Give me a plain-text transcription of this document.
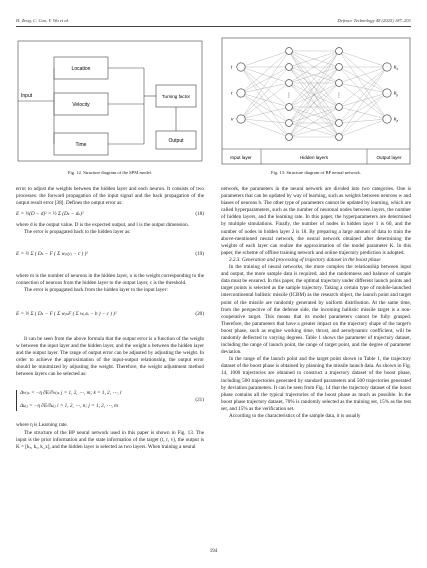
H. Zeng, C. Cao, Y. Wu et al.	Defence Technology 48 (2025) 187–201
Input
Location
Velocity
Time
Turning factor
Output
Fig. 12. Structure diagram of the SPM model.
t
r
v
⋮	⋮
$k_x$
$k_y$
$k_z$
Input layer	Hidden layers	Output layer
Fig. 13. Structure diagram of BP neural network.

error to adjust the weights between the hidden layer and each neuron. It consists of two processes: the forward propagation of the input signal and the back propagation of the output result error [38]. Defines the output error as:

E = ½(D − d)² = ½ Σ (Dₖ − dₖ)²	(18)

where d is the output value. D is the expected output, and l is the output dimension.

The error is propagated back to the hidden layer as:

E = ½ Σ ( Dₖ − F ( Σ wⱼₖyⱼ − c ) )²	(19)

where m is the number of neurons in the hidden layer, u is the weight corresponding to the connection of neurons from the hidden layer to the output layer, c is the threshold.

The error is propagated back from the hidden layer to the input layer:

E = ½ Σ ( Dₖ − F ( Σ wⱼₖF ( Σ wᵢⱼxᵢ − b ) − c ) )²	(20)

It can be seen from the above formula that the output error is a function of the weight w between the input layer and the hidden layer, and the weight u between the hidden layer and the output layer. The range of output error can be adjusted by adjusting the weight. In order to achieve the approximation of the input-output relationship, the output error should be minimized by adjusting the weight. Therefore, the weight adjustment method between layers can be selected as:

Δwⱼₖ = −η ∂E/∂wⱼₖ j = 1, 2, ⋯, m; k = 1, 2, ⋯, l
Δuᵢⱼ = −η ∂E/∂uᵢⱼ i = 1, 2, ⋯, n; j = 1, 2, ⋯, m
(21)

where η is Learning rate.

The structure of the BP neural network used in this paper is shown in Fig. 13. The input is the prior information and the state information of the target (t, r, v), the output is K = [kₓ, kᵧ, k_z], and the hidden layer is selected as two layers. When training a neural

network, the parameters in the neural network are divided into two categories. One is parameters that can be updated by way of learning, such as weights between neurons w and biases of neurons b. The other type of parameters cannot be updated by learning, which are called hyperparameters, such as the number of neuronal nodes between layers, the number of hidden layers, and the learning rate. In this paper, the hyperparameters are determined by multiple simulations. Finally, the number of nodes in hidden layer 1 is 60, and the number of nodes in hidden layer 2 is 18. By preparing a large amount of data to train the above-mentioned neural network, the neural network obtained after determining the weights of each layer can realize the approximation of the model parameter K. In this paper, the scheme of offline training network and online trajectory prediction is adopted.

3.2.3. Generation and processing of trajectory dataset in the boost phase

In the training of neural networks, the more complex the relationship between input and output, the more sample data is required, and the randomness and balance of sample data must be ensured. In this paper, the optimal trajectory under different launch points and target points is selected as the sample trajectory. Taking a certain type of mobile-launched intercontinental ballistic missile (ICBM) as the research object, the launch point and target point of the missile are randomly generated by uniform distribution. At the same time, from the perspective of the defense side, the incoming ballistic missile target is a non-cooperative target. This means that its model parameters cannot be fully grasped. Therefore, the parameters that have a greater impact on the trajectory shape of the target's boost phase, such as engine working time, thrust, and aerodynamic coefficient, will be randomly deflected to varying degrees. Table 1 shows the parameter of trajectory dataset, including the range of launch point, the range of target point, and the degree of parameter deviation.

In the range of the launch point and the target point shown in Table 1, the trajectory dataset of the boost phase is obtained by planning the missile launch data. As shown in Fig. 14, 1000 trajectories are obtained to construct a trajectory dataset of the boost phase, including 500 trajectories generated by standard parameters and 500 trajectories generated by deviation parameters. It can be seen from Fig. 14 that the trajectory dataset of the boost phase contains all the typical trajectories of the boost phase as much as possible. In the boost phase trajectory dataset, 70% is randomly selected as the training set, 15% as the test set, and 15% as the verification set.

According to the characteristics of the sample data, it is usually

194
